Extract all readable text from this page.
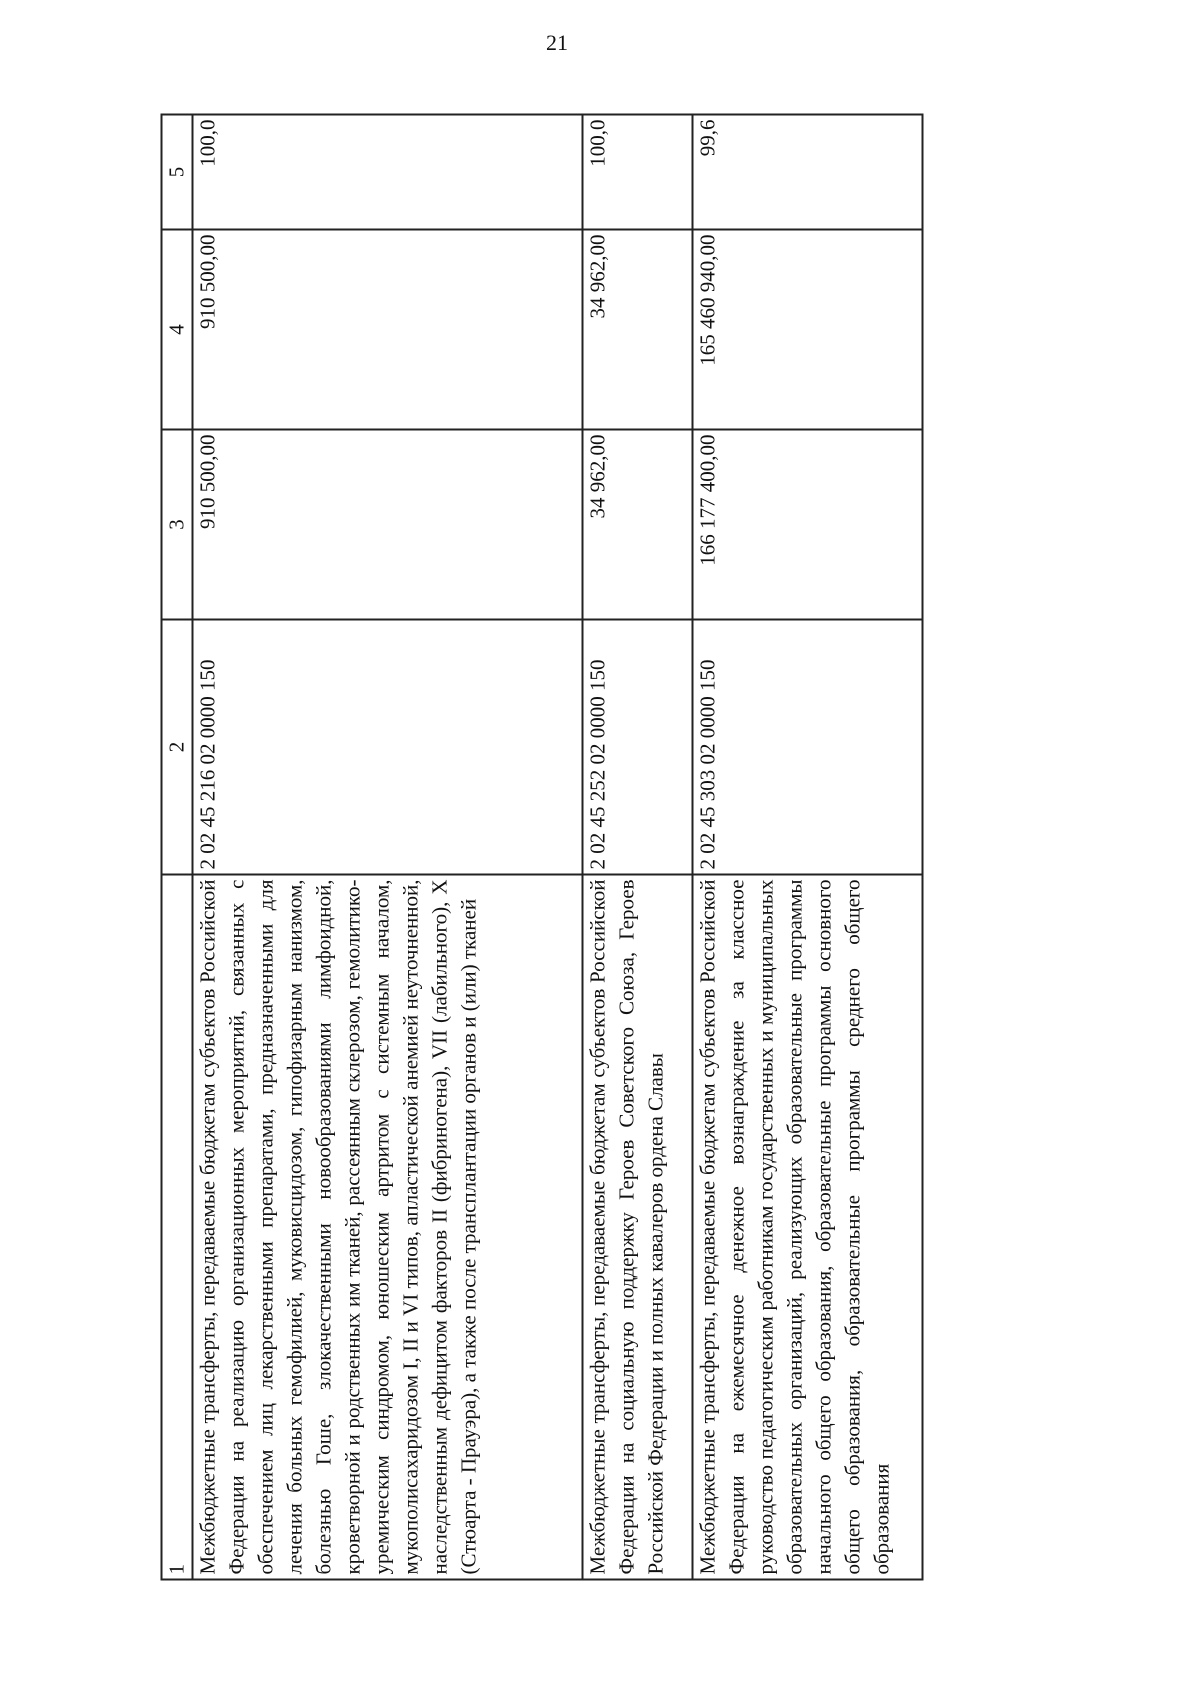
21
1	2	3	4	5
Межбюджетные трансферты, передаваемые бюджетам субъектов Российской Федерации на реализацию организационных мероприятий, связанных с обеспечением лиц лекарственными препаратами, предназначенными для лечения больных гемофилией, муковисцидозом, гипофизарным нанизмом, болезнью Гоше, злокачественными новообразованиями лимфоидной, кроветворной и родственных им тканей, рассеянным склерозом, гемолитико-уремическим синдромом, юношеским артритом с системным началом, мукополисахаридозом I, II и VI типов, апластической анемией неуточненной, наследственным дефицитом факторов II (фибриногена), VII (лабильного), X (Стюарта - Прауэра), а также после трансплантации органов и (или) тканей	2 02 45 216 02 0000 150	910 500,00	910 500,00	100,0
Межбюджетные трансферты, передаваемые бюджетам субъектов Российской Федерации на социальную поддержку Героев Советского Союза, Героев Российской Федерации и полных кавалеров ордена Славы	2 02 45 252 02 0000 150	34 962,00	34 962,00	100,0
Межбюджетные трансферты, передаваемые бюджетам субъектов Российской Федерации на ежемесячное денежное вознаграждение за классное руководство педагогическим работникам государственных и муниципальных образовательных организаций, реализующих образовательные программы начального общего образования, образовательные программы основного общего образования, образовательные программы среднего общего образования	2 02 45 303 02 0000 150	166 177 400,00	165 460 940,00	99,6
